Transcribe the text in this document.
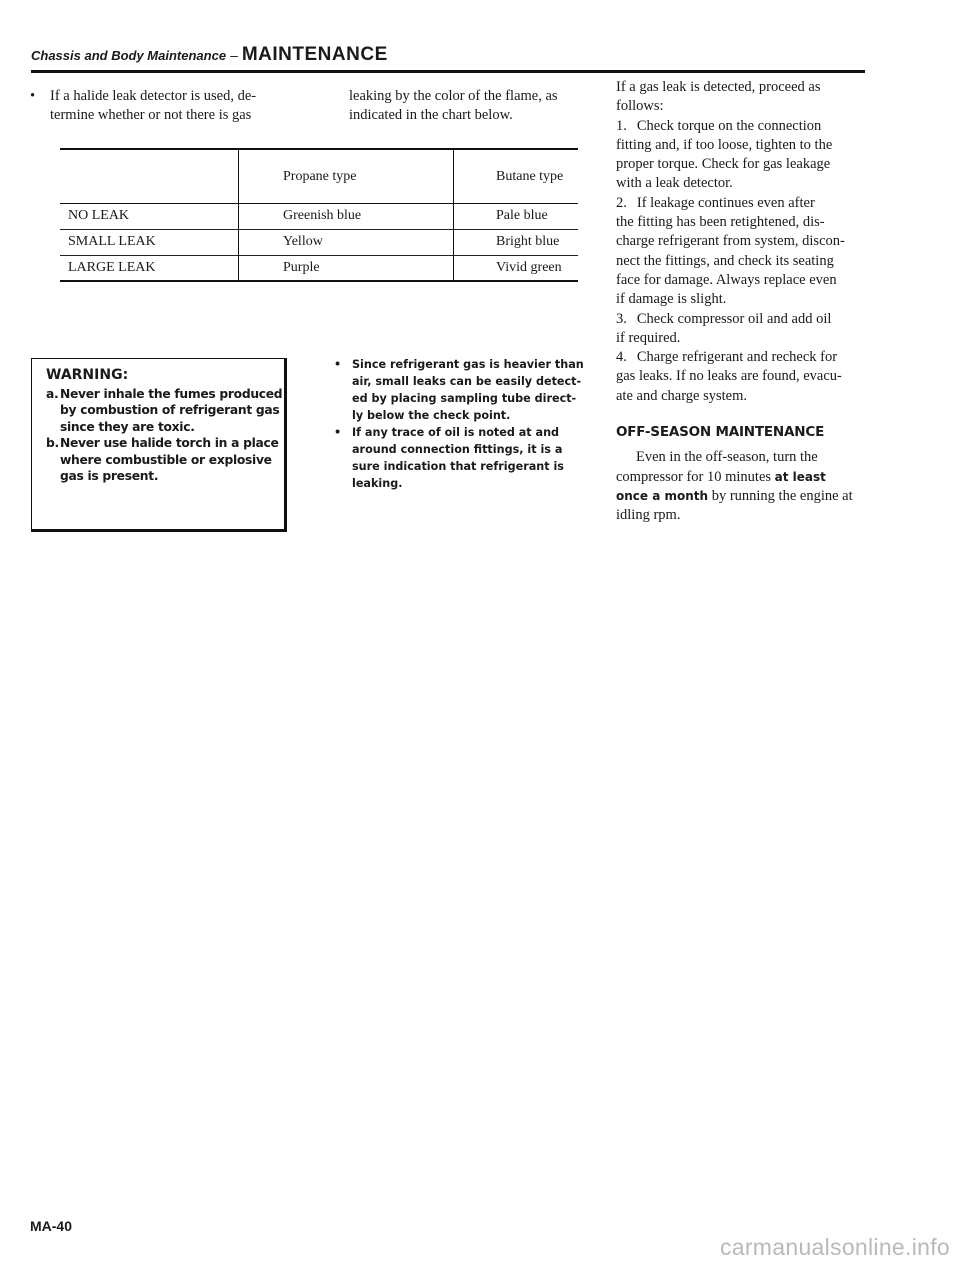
Chassis and Body Maintenance – MAINTENANCE
• If a halide leak detector is used, de-
termine whether or not there is gas
leaking by the color of the flame, as
indicated in the chart below.
	Propane type	Butane type
NO LEAK	Greenish blue	Pale blue
SMALL LEAK	Yellow	Bright blue
LARGE LEAK	Purple	Vivid green
WARNING:
a. Never inhale the fumes produced
by combustion of refrigerant gas
since they are toxic.
b. Never use halide torch in a place
where combustible or explosive
gas is present.
• Since refrigerant gas is heavier than
air, small leaks can be easily detect-
ed by placing sampling tube direct-
ly below the check point.
• If any trace of oil is noted at and
around connection fittings, it is a
sure indication that refrigerant is
leaking.
If a gas leak is detected, proceed as
follows:
1. Check torque on the connection
fitting and, if too loose, tighten to the
proper torque. Check for gas leakage
with a leak detector.
2. If leakage continues even after
the fitting has been retightened, dis-
charge refrigerant from system, discon-
nect the fittings, and check its seating
face for damage. Always replace even
if damage is slight.
3. Check compressor oil and add oil
if required.
4. Charge refrigerant and recheck for
gas leaks. If no leaks are found, evacu-
ate and charge system.
OFF-SEASON MAINTENANCE
Even in the off-season, turn the
compressor for 10 minutes at least
once a month by running the engine at
idling rpm.
MA-40
carmanualsonline.info
